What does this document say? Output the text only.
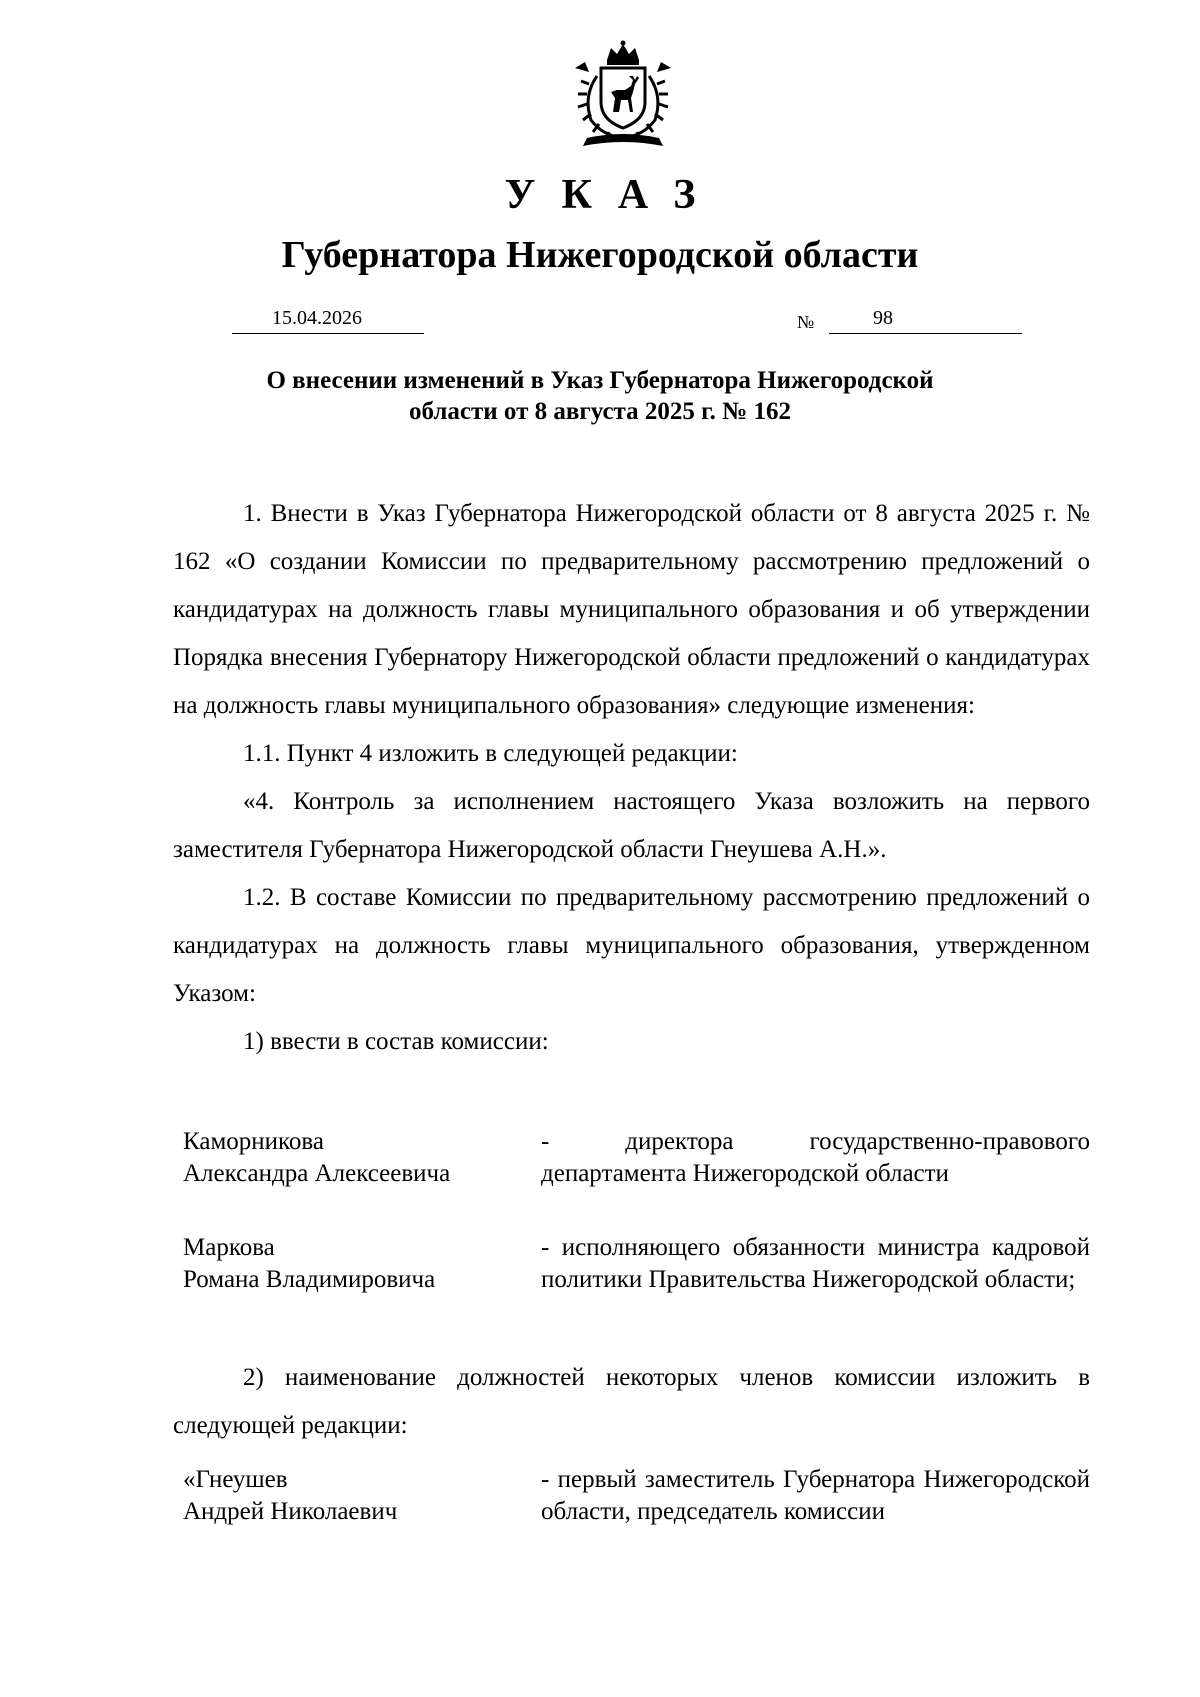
УКАЗ
Губернатора Нижегородской области
15.04.2026	№	98
О внесении изменений в Указ Губернатора Нижегородской
области от 8 августа 2025 г. № 162

1. Внести в Указ Губернатора Нижегородской области от 8 августа 2025 г. № 162 «О создании Комиссии по предварительному рассмотрению предложений о кандидатурах на должность главы муниципального образования и об утверждении Порядка внесения Губернатору Нижегородской области предложений о кандидатурах на должность главы муниципального образования» следующие изменения:

1.1. Пункт 4 изложить в следующей редакции:

«4. Контроль за исполнением настоящего Указа возложить на первого заместителя Губернатора Нижегородской области Гнеушева А.Н.».

1.2. В составе Комиссии по предварительному рассмотрению предложений о кандидатурах на должность главы муниципального образования, утвержденном Указом:

1) ввести в состав комиссии:

Каморникова
Александра Алексеевича
- директора государственно-правового департамента Нижегородской области
Маркова
Романа Владимировича
- исполняющего обязанности министра кадровой политики Правительства Нижегородской области;

2) наименование должностей некоторых членов комиссии изложить в следующей редакции:

«Гнеушев
Андрей Николаевич
- первый заместитель Губернатора Нижегородской области, председатель комиссии
